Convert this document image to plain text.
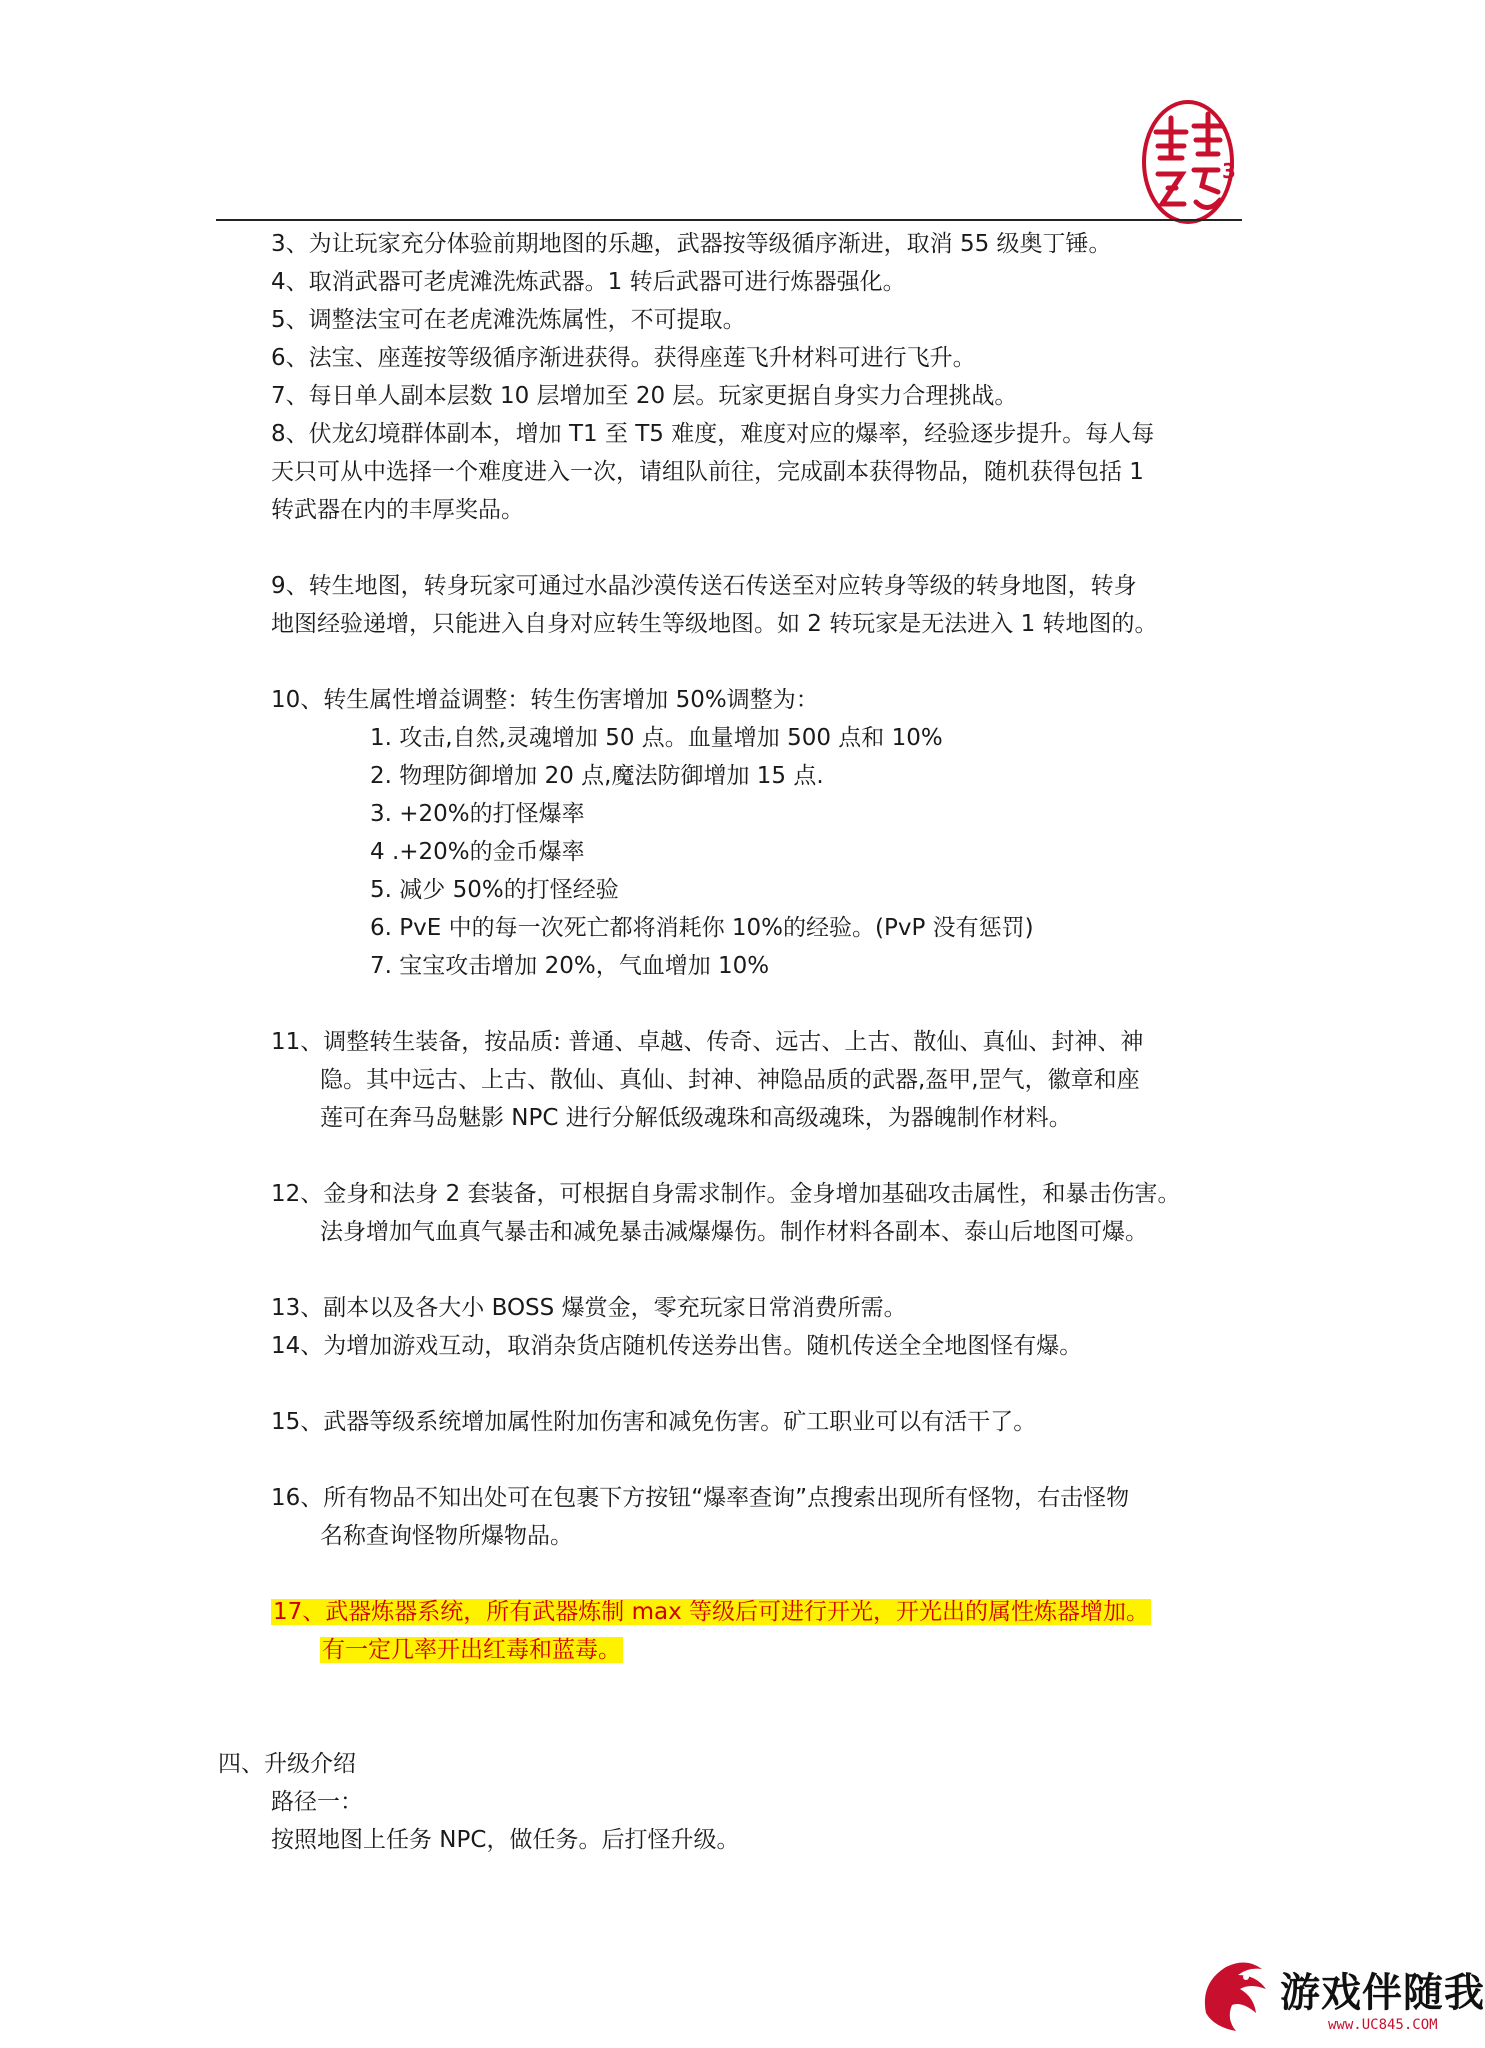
3
3、为让玩家充分体验前期地图的乐趣，武器按等级循序渐进，取消 55 级奥丁锤。
4、取消武器可老虎滩洗炼武器。1 转后武器可进行炼器强化。
5、调整法宝可在老虎滩洗炼属性，不可提取。
6、法宝、座莲按等级循序渐进获得。获得座莲飞升材料可进行飞升。
7、每日单人副本层数 10 层增加至 20 层。玩家更据自身实力合理挑战。
8、伏龙幻境群体副本，增加 T1 至 T5 难度，难度对应的爆率，经验逐步提升。每人每
天只可从中选择一个难度进入一次，请组队前往，完成副本获得物品，随机获得包括 1
转武器在内的丰厚奖品。
9、转生地图，转身玩家可通过水晶沙漠传送石传送至对应转身等级的转身地图，转身
地图经验递增，只能进入自身对应转生等级地图。如 2 转玩家是无法进入 1 转地图的。
10、转生属性增益调整：转生伤害增加 50%调整为：
1. 攻击,自然,灵魂增加 50 点。血量增加 500 点和 10%
2. 物理防御增加 20 点,魔法防御增加 15 点.
3. +20%的打怪爆率
4 .+20%的金币爆率
5. 减少 50%的打怪经验
6. PvE 中的每一次死亡都将消耗你 10%的经验。(PvP 没有惩罚)
7. 宝宝攻击增加 20%，气血增加 10%
11、调整转生装备，按品质: 普通、卓越、传奇、远古、上古、散仙、真仙、封神、神
隐。其中远古、上古、散仙、真仙、封神、神隐品质的武器,盔甲,罡气，徽章和座
莲可在奔马岛魅影 NPC 进行分解低级魂珠和高级魂珠，为器魄制作材料。
12、金身和法身 2 套装备，可根据自身需求制作。金身增加基础攻击属性，和暴击伤害。
法身增加气血真气暴击和减免暴击减爆爆伤。制作材料各副本、泰山后地图可爆。
13、副本以及各大小 BOSS 爆赏金，零充玩家日常消费所需。
14、为增加游戏互动，取消杂货店随机传送券出售。随机传送全全地图怪有爆。
15、武器等级系统增加属性附加伤害和减免伤害。矿工职业可以有活干了。
16、所有物品不知出处可在包裹下方按钮“爆率查询”点搜索出现所有怪物，右击怪物
名称查询怪物所爆物品。
17、武器炼器系统，所有武器炼制 max 等级后可进行开光，开光出的属性炼器增加。
有一定几率开出红毒和蓝毒。
四、升级介绍
路径一：
按照地图上任务 NPC，做任务。后打怪升级。
游戏伴随我
www.UC845.COM
